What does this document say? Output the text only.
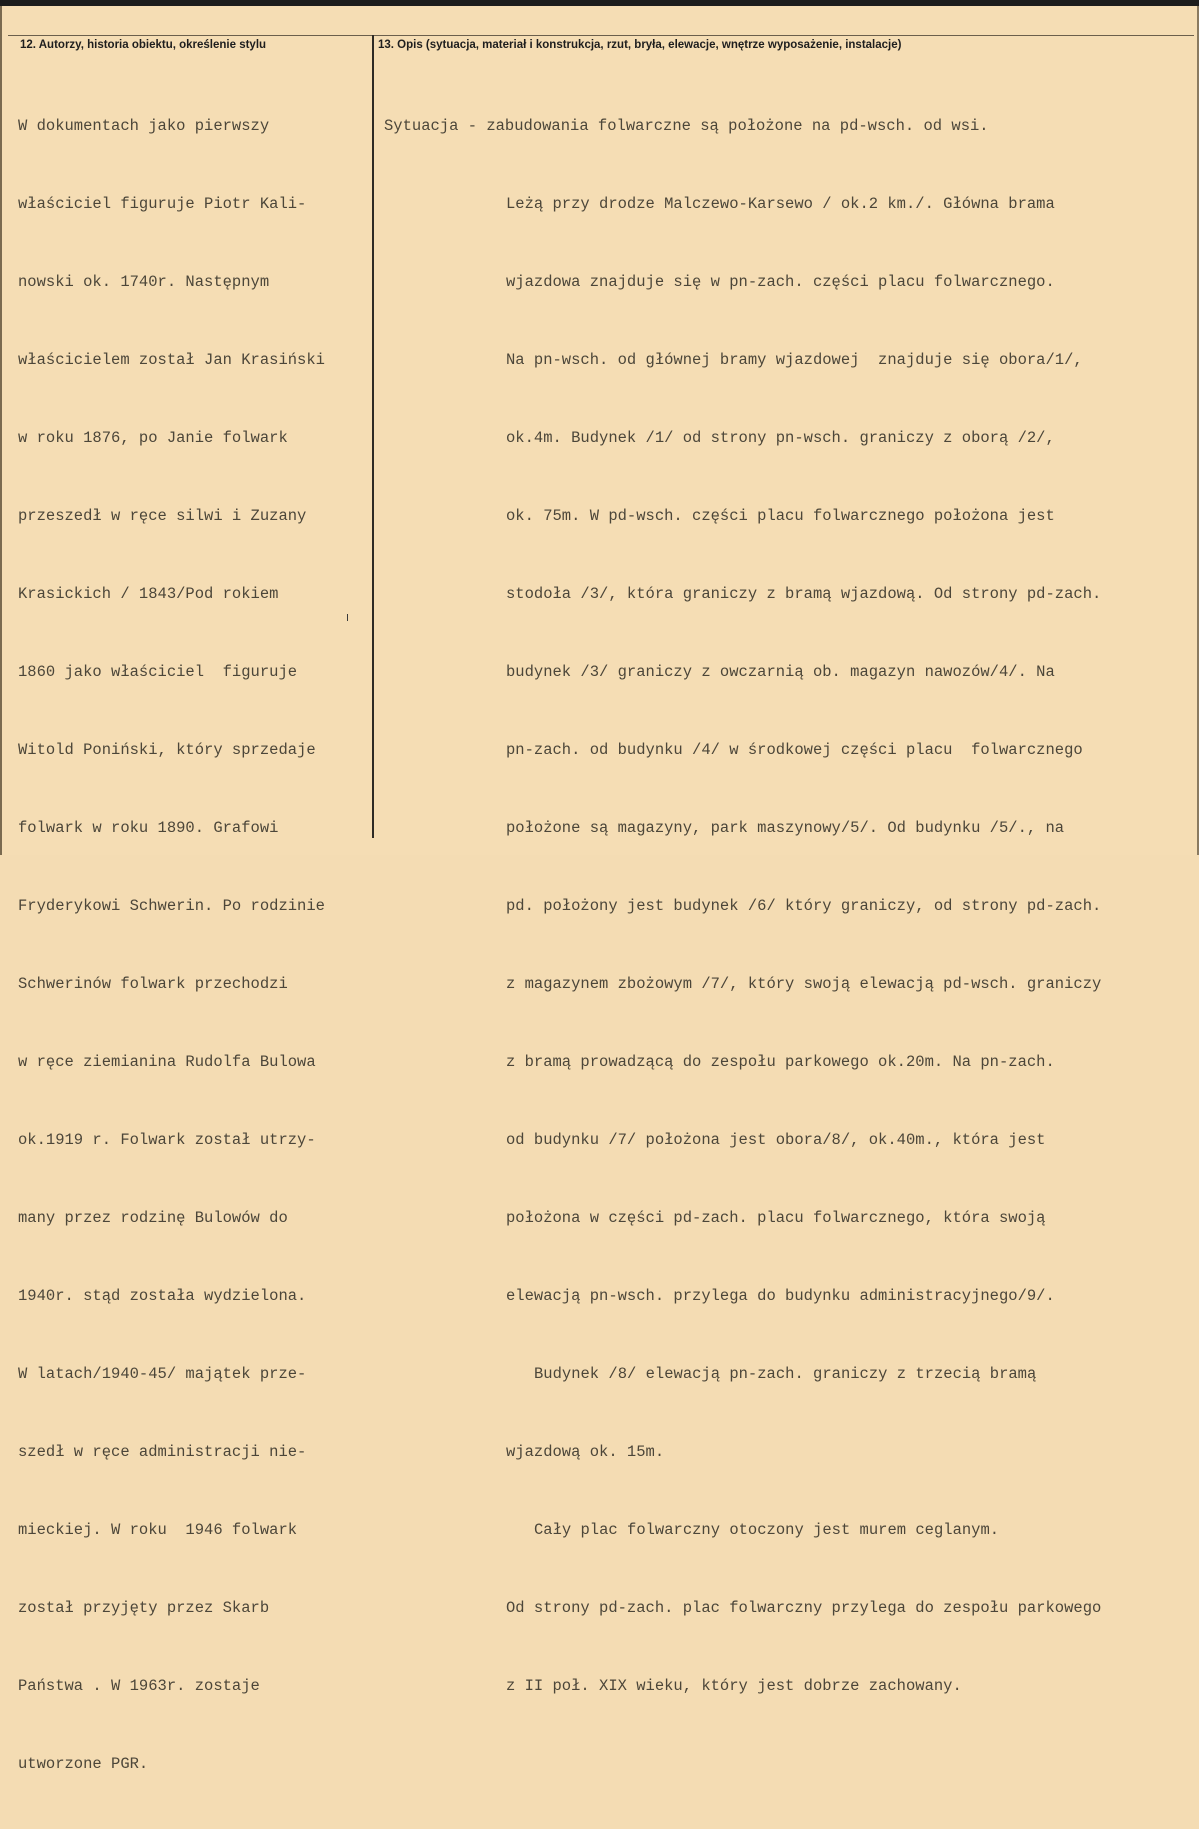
12. Autorzy, historia obiektu, określenie stylu	13. Opis (sytuacja, materiał i konstrukcja, rzut, bryła, elewacje, wnętrze wyposażenie, instalacje)

W dokumentach jako pierwszy

właściciel figuruje Piotr Kali-

nowski ok. 1740r. Następnym

właścicielem został Jan Krasiński

w roku 1876, po Janie folwark

przeszedł w ręce silwi i Zuzany

Krasickich / 1843/Pod rokiem

1860 jako właściciel  figuruje

Witold Poniński, który sprzedaje

folwark w roku 1890. Grafowi

Fryderykowi Schwerin. Po rodzinie

Schwerinów folwark przechodzi

w ręce ziemianina Rudolfa Bulowa

ok.1919 r. Folwark został utrzy-

many przez rodzinę Bulowów do

1940r. stąd została wydzielona.

W latach/1940-45/ majątek prze-

szedł w ręce administracji nie-

mieckiej. W roku  1946 folwark

został przyjęty przez Skarb

Państwa . W 1963r. zostaje

utworzone PGR.

Sytuacja - zabudowania folwarczne są położone na pd-wsch. od wsi.

Leżą przy drodze Malczewo-Karsewo / ok.2 km./. Główna brama

wjazdowa znajduje się w pn-zach. części placu folwarcznego.

Na pn-wsch. od głównej bramy wjazdowej  znajduje się obora/1/,

ok.4m. Budynek /1/ od strony pn-wsch. graniczy z oborą /2/,

ok. 75m. W pd-wsch. części placu folwarcznego położona jest

stodoła /3/, która graniczy z bramą wjazdową. Od strony pd-zach.

budynek /3/ graniczy z owczarnią ob. magazyn nawozów/4/. Na

pn-zach. od budynku /4/ w środkowej części placu  folwarcznego

położone są magazyny, park maszynowy/5/. Od budynku /5/., na

pd. położony jest budynek /6/ który graniczy, od strony pd-zach.

z magazynem zbożowym /7/, który swoją elewacją pd-wsch. graniczy

z bramą prowadzącą do zespołu parkowego ok.20m. Na pn-zach.

od budynku /7/ położona jest obora/8/, ok.40m., która jest

położona w części pd-zach. placu folwarcznego, która swoją

elewacją pn-wsch. przylega do budynku administracyjnego/9/.

Budynek /8/ elewacją pn-zach. graniczy z trzecią bramą

wjazdową ok. 15m.

Cały plac folwarczny otoczony jest murem ceglanym.

Od strony pd-zach. plac folwarczny przylega do zespołu parkowego

z II poł. XIX wieku, który jest dobrze zachowany.
